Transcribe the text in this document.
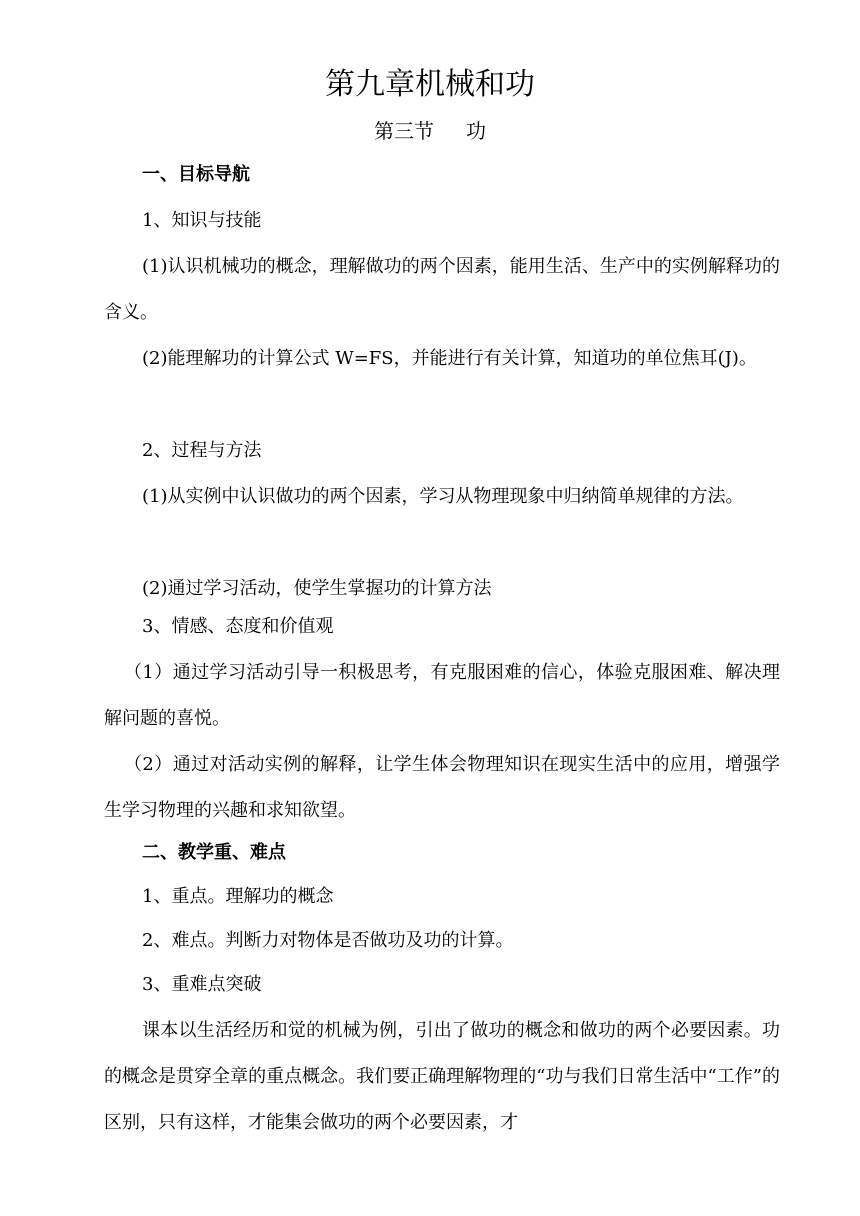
第九章机械和功
第三节 功

一、目标导航

1、知识与技能

(1)认识机械功的概念，理解做功的两个因素，能用生活、生产中的实例解释功的含义。

(2)能理解功的计算公式 W=FS，并能进行有关计算，知道功的单位焦耳(J)。

2、过程与方法

(1)从实例中认识做功的两个因素，学习从物理现象中归纳简单规律的方法。

(2)通过学习活动，使学生掌握功的计算方法

3、情感、态度和价值观

（1）通过学习活动引导一积极思考，有克服困难的信心，体验克服困难、解决理解问题的喜悦。

（2）通过对活动实例的解释，让学生体会物理知识在现实生活中的应用，增强学生学习物理的兴趣和求知欲望。

二、教学重、难点

1、重点。理解功的概念

2、难点。判断力对物体是否做功及功的计算。

3、重难点突破

课本以生活经历和觉的机械为例，引出了做功的概念和做功的两个必要因素。功的概念是贯穿全章的重点概念。我们要正确理解物理的“功与我们日常生活中“工作”的区别，只有这样，才能集会做功的两个必要因素，才
